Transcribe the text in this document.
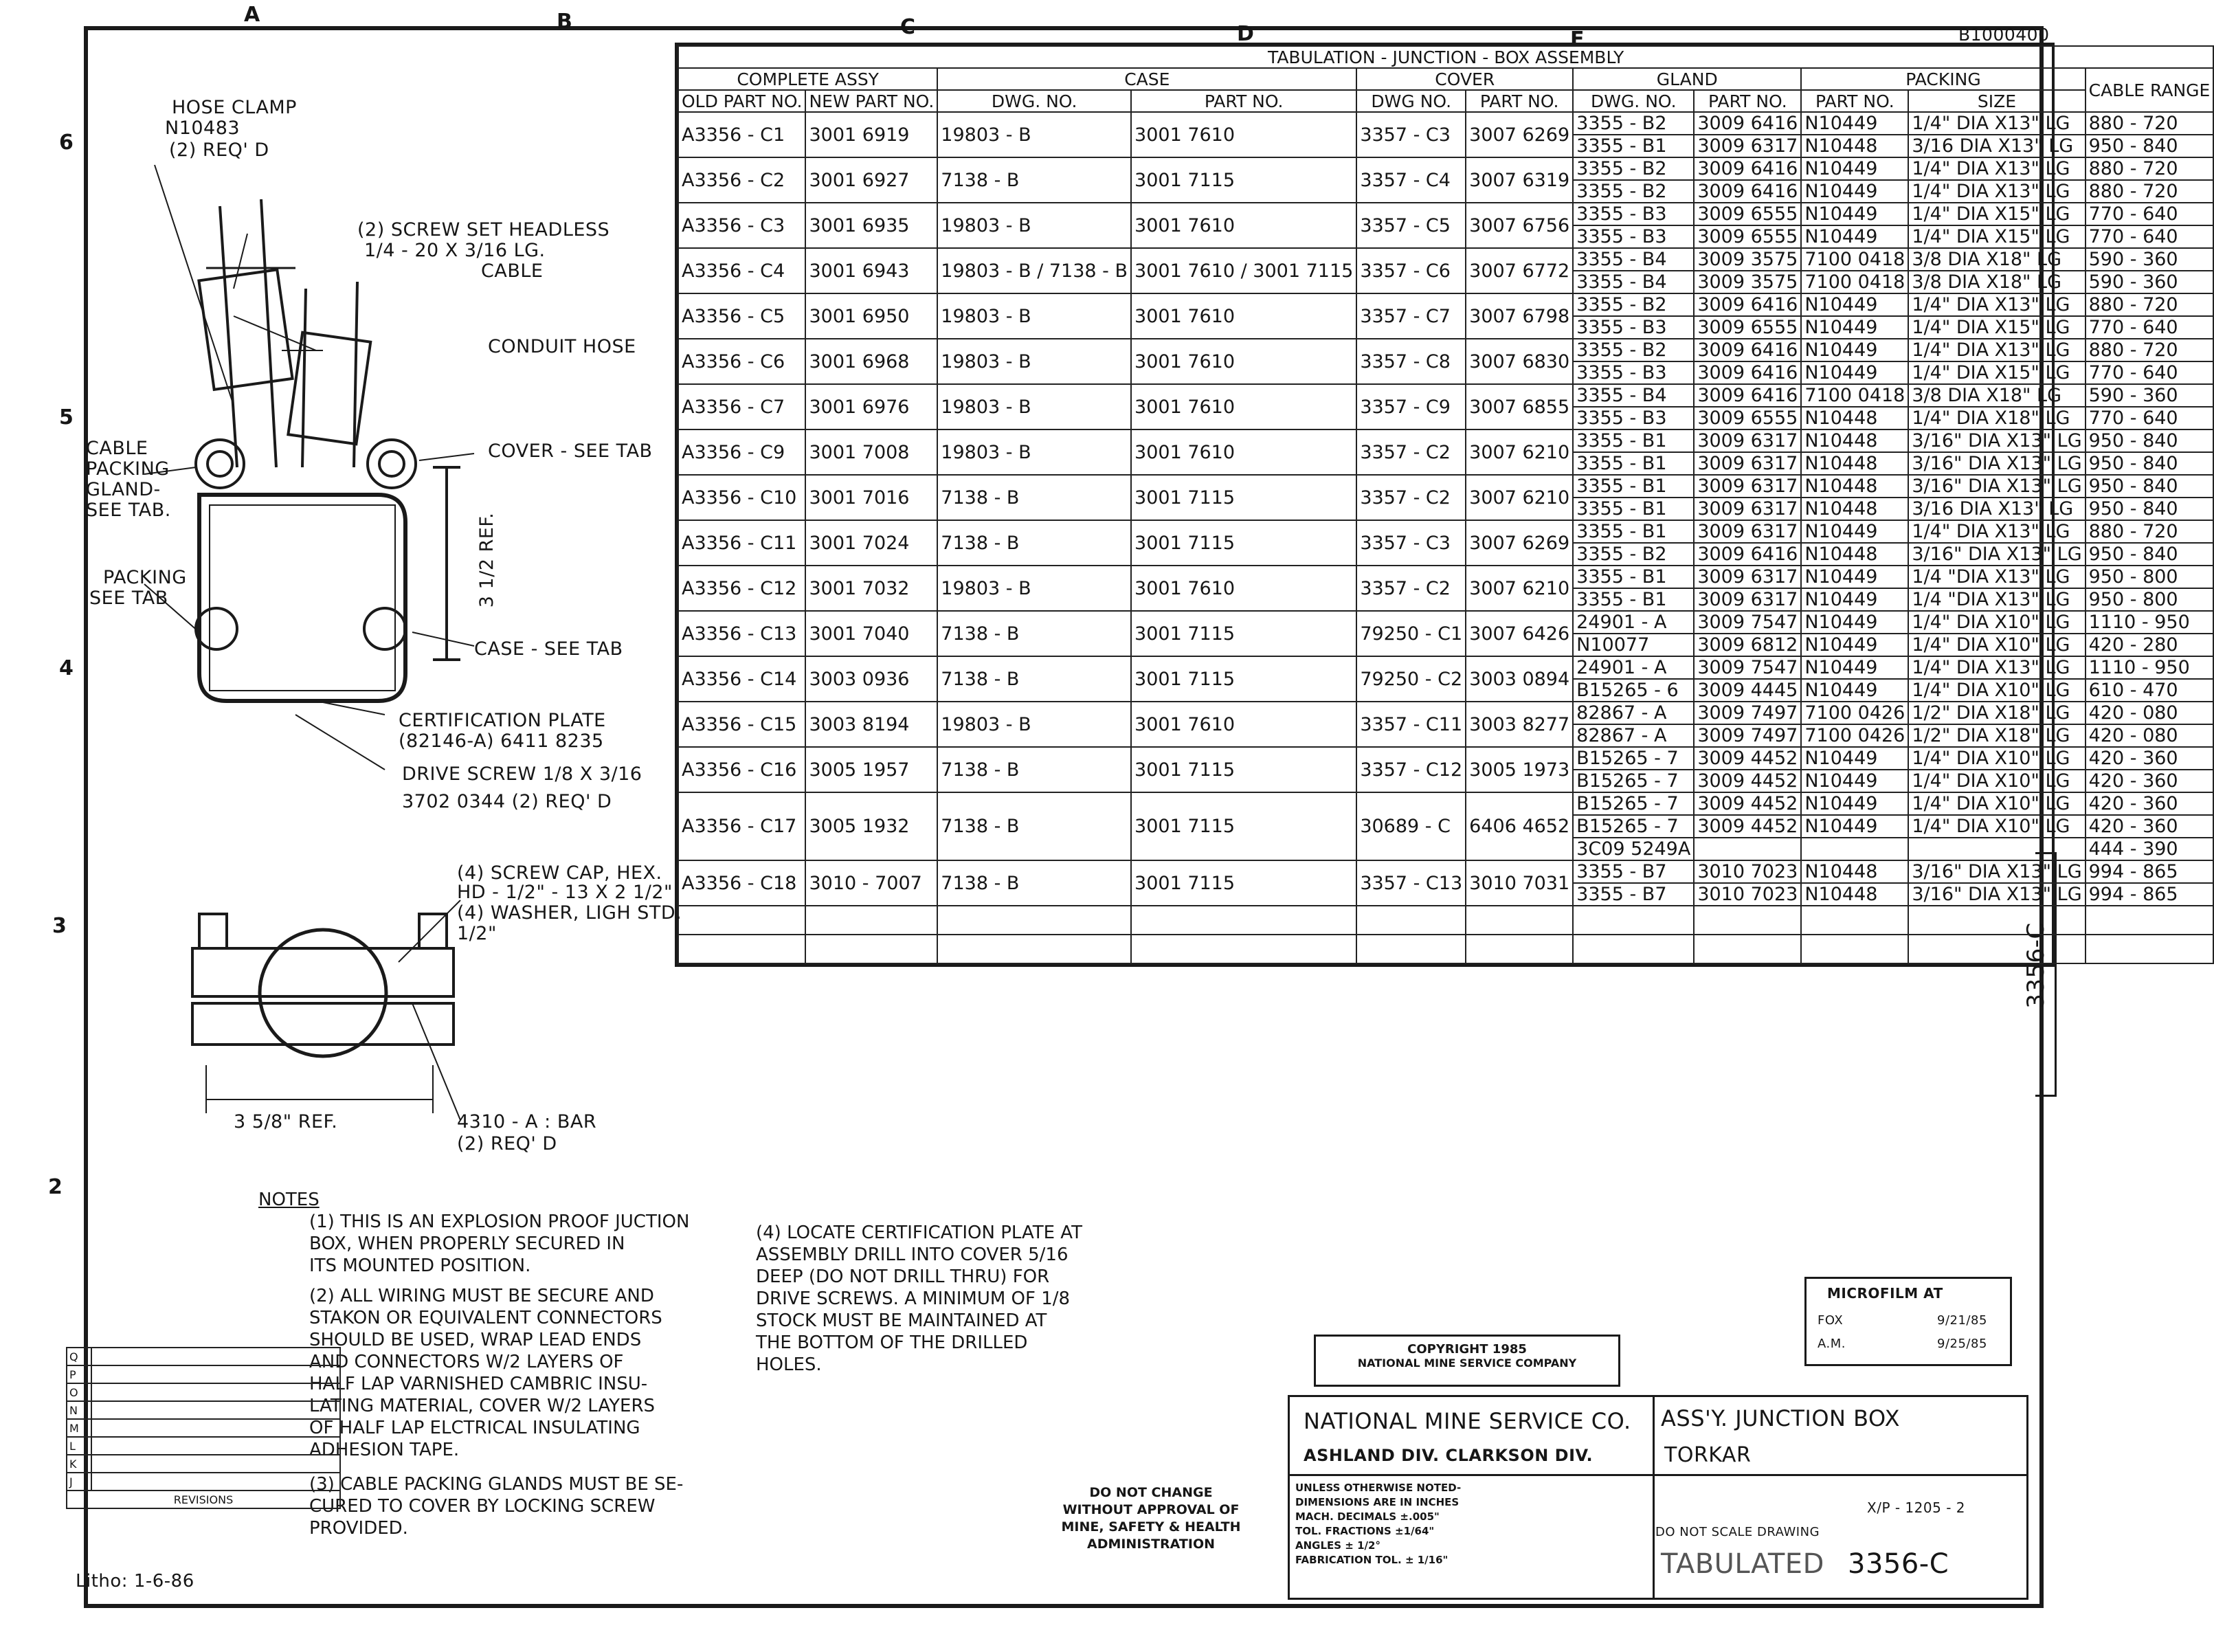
3356-C
A	B	C	D	E	B1000400
6
5
4
3
2
TABULATION - JUNCTION - BOX ASSEMBLY										
COMPLETE ASSY		CASE		COVER		GLAND		PACKING		CABLE RANGE
OLD PART NO.	NEW PART NO.	DWG. NO.	PART NO.	DWG NO.	PART NO.	DWG. NO.	PART NO.	PART NO.	SIZE	
A3356 - C1	3001 6919	19803 - B	3001 7610	3357 - C3	3007 6269	3355 - B2	3009 6416	N10449	1/4" DIA X13" LG	880 - 720
						3355 - B1	3009 6317	N10448	3/16 DIA X13" LG	950 - 840
A3356 - C2	3001 6927	7138 - B	3001 7115	3357 - C4	3007 6319	3355 - B2	3009 6416	N10449	1/4" DIA X13" LG	880 - 720
						3355 - B2	3009 6416	N10449	1/4" DIA X13" LG	880 - 720
A3356 - C3	3001 6935	19803 - B	3001 7610	3357 - C5	3007 6756	3355 - B3	3009 6555	N10449	1/4" DIA X15" LG	770 - 640
						3355 - B3	3009 6555	N10449	1/4" DIA X15" LG	770 - 640
A3356 - C4	3001 6943	19803 - B / 7138 - B	3001 7610 / 3001 7115	3357 - C6	3007 6772	3355 - B4	3009 3575	7100 0418	3/8 DIA X18" LG	590 - 360
						3355 - B4	3009 3575	7100 0418	3/8 DIA X18" LG	590 - 360
A3356 - C5	3001 6950	19803 - B	3001 7610	3357 - C7	3007 6798	3355 - B2	3009 6416	N10449	1/4" DIA X13" LG	880 - 720
						3355 - B3	3009 6555	N10449	1/4" DIA X15" LG	770 - 640
A3356 - C6	3001 6968	19803 - B	3001 7610	3357 - C8	3007 6830	3355 - B2	3009 6416	N10449	1/4" DIA X13" LG	880 - 720
						3355 - B3	3009 6416	N10449	1/4" DIA X15" LG	770 - 640
A3356 - C7	3001 6976	19803 - B	3001 7610	3357 - C9	3007 6855	3355 - B4	3009 6416	7100 0418	3/8 DIA X18" LG	590 - 360
						3355 - B3	3009 6555	N10448	1/4" DIA X18" LG	770 - 640
A3356 - C9	3001 7008	19803 - B	3001 7610	3357 - C2	3007 6210	3355 - B1	3009 6317	N10448	3/16" DIA X13" LG	950 - 840
						3355 - B1	3009 6317	N10448	3/16" DIA X13" LG	950 - 840
A3356 - C10	3001 7016	7138 - B	3001 7115	3357 - C2	3007 6210	3355 - B1	3009 6317	N10448	3/16" DIA X13" LG	950 - 840
						3355 - B1	3009 6317	N10448	3/16 DIA X13" LG	950 - 840
A3356 - C11	3001 7024	7138 - B	3001 7115	3357 - C3	3007 6269	3355 - B1	3009 6317	N10449	1/4" DIA X13" LG	880 - 720
						3355 - B2	3009 6416	N10448	3/16" DIA X13" LG	950 - 840
A3356 - C12	3001 7032	19803 - B	3001 7610	3357 - C2	3007 6210	3355 - B1	3009 6317	N10449	1/4 "DIA X13" LG	950 - 800
						3355 - B1	3009 6317	N10449	1/4 "DIA X13" LG	950 - 800
A3356 - C13	3001 7040	7138 - B	3001 7115	79250 - C1	3007 6426	24901 - A	3009 7547	N10449	1/4" DIA X10" LG	1110 - 950
						N10077	3009 6812	N10449	1/4" DIA X10" LG	420 - 280
A3356 - C14	3003 0936	7138 - B	3001 7115	79250 - C2	3003 0894	24901 - A	3009 7547	N10449	1/4" DIA X13" LG	1110 - 950
						B15265 - 6	3009 4445	N10449	1/4" DIA X10" LG	610 - 470
A3356 - C15	3003 8194	19803 - B	3001 7610	3357 - C11	3003 8277	82867 - A	3009 7497	7100 0426	1/2" DIA X18" LG	420 - 080
						82867 - A	3009 7497	7100 0426	1/2" DIA X18" LG	420 - 080
A3356 - C16	3005 1957	7138 - B	3001 7115	3357 - C12	3005 1973	B15265 - 7	3009 4452	N10449	1/4" DIA X10" LG	420 - 360
						B15265 - 7	3009 4452	N10449	1/4" DIA X10" LG	420 - 360
A3356 - C17	3005 1932	7138 - B	3001 7115	30689 - C	6406 4652	B15265 - 7	3009 4452	N10449	1/4" DIA X10" LG	420 - 360
						B15265 - 7	3009 4452	N10449	1/4" DIA X10" LG	420 - 360
						3C09 5249A				444 - 390
A3356 - C18	3010 - 7007	7138 - B	3001 7115	3357 - C13	3010 7031	3355 - B7	3010 7023	N10448	3/16" DIA X13" LG	994 - 865
						3355 - B7	3010 7023	N10448	3/16" DIA X13" LG	994 - 865

HOSE CLAMP
N10483
(2) REQ' D
(2) SCREW SET HEADLESS
1/4 - 20 X 3/16 LG.
CABLE
CONDUIT HOSE
CABLE
PACKING
GLAND-
SEE TAB.
COVER - SEE TAB
3 1/2 REF.
PACKING
SEE TAB
CASE - SEE TAB
CERTIFICATION PLATE
(82146-A) 6411 8235
DRIVE SCREW 1/8 X 3/16
3702 0344 (2) REQ' D
(4) SCREW CAP, HEX.
HD - 1/2" - 13 X 2 1/2"
(4) WASHER, LIGH STD.
1/2"
3 5/8" REF.	4310 - A : BAR
(2) REQ' D
NOTES
(1) THIS IS AN EXPLOSION PROOF JUCTION
BOX, WHEN PROPERLY SECURED IN
ITS MOUNTED POSITION.
(2) ALL WIRING MUST BE SECURE AND
STAKON OR EQUIVALENT CONNECTORS
SHOULD BE USED, WRAP LEAD ENDS
AND CONNECTORS W/2 LAYERS OF
HALF LAP VARNISHED CAMBRIC INSU-
LATING MATERIAL, COVER W/2 LAYERS
OF HALF LAP ELCTRICAL INSULATING
ADHESION TAPE.
(3) CABLE PACKING GLANDS MUST BE SE-
CURED TO COVER BY LOCKING SCREW
PROVIDED.
(4) LOCATE CERTIFICATION PLATE AT
ASSEMBLY DRILL INTO COVER 5/16
DEEP (DO NOT DRILL THRU) FOR
DRIVE SCREWS. A MINIMUM OF 1/8
STOCK MUST BE MAINTAINED AT
THE BOTTOM OF THE DRILLED
HOLES.
Q	
P	
O	
N	
M	
L	
K	
J	
REVISIONS	
Litho: 1-6-86
MICROFILM AT
FOX	9/21/85
A.M.	9/25/85
COPYRIGHT 1985
NATIONAL MINE SERVICE COMPANY
DO NOT CHANGE
WITHOUT APPROVAL OF
MINE, SAFETY & HEALTH
ADMINISTRATION
NATIONAL MINE SERVICE CO.
ASHLAND DIV. CLARKSON DIV.
ASS'Y. JUNCTION BOX
TORKAR
UNLESS OTHERWISE NOTED-
DIMENSIONS ARE IN INCHES
MACH. DECIMALS ±.005"
TOL. FRACTIONS ±1/64"
ANGLES ± 1/2°
FABRICATION TOL. ± 1/16"
DO NOT SCALE DRAWING
X/P - 1205 - 2
TABULATED 3356-C
